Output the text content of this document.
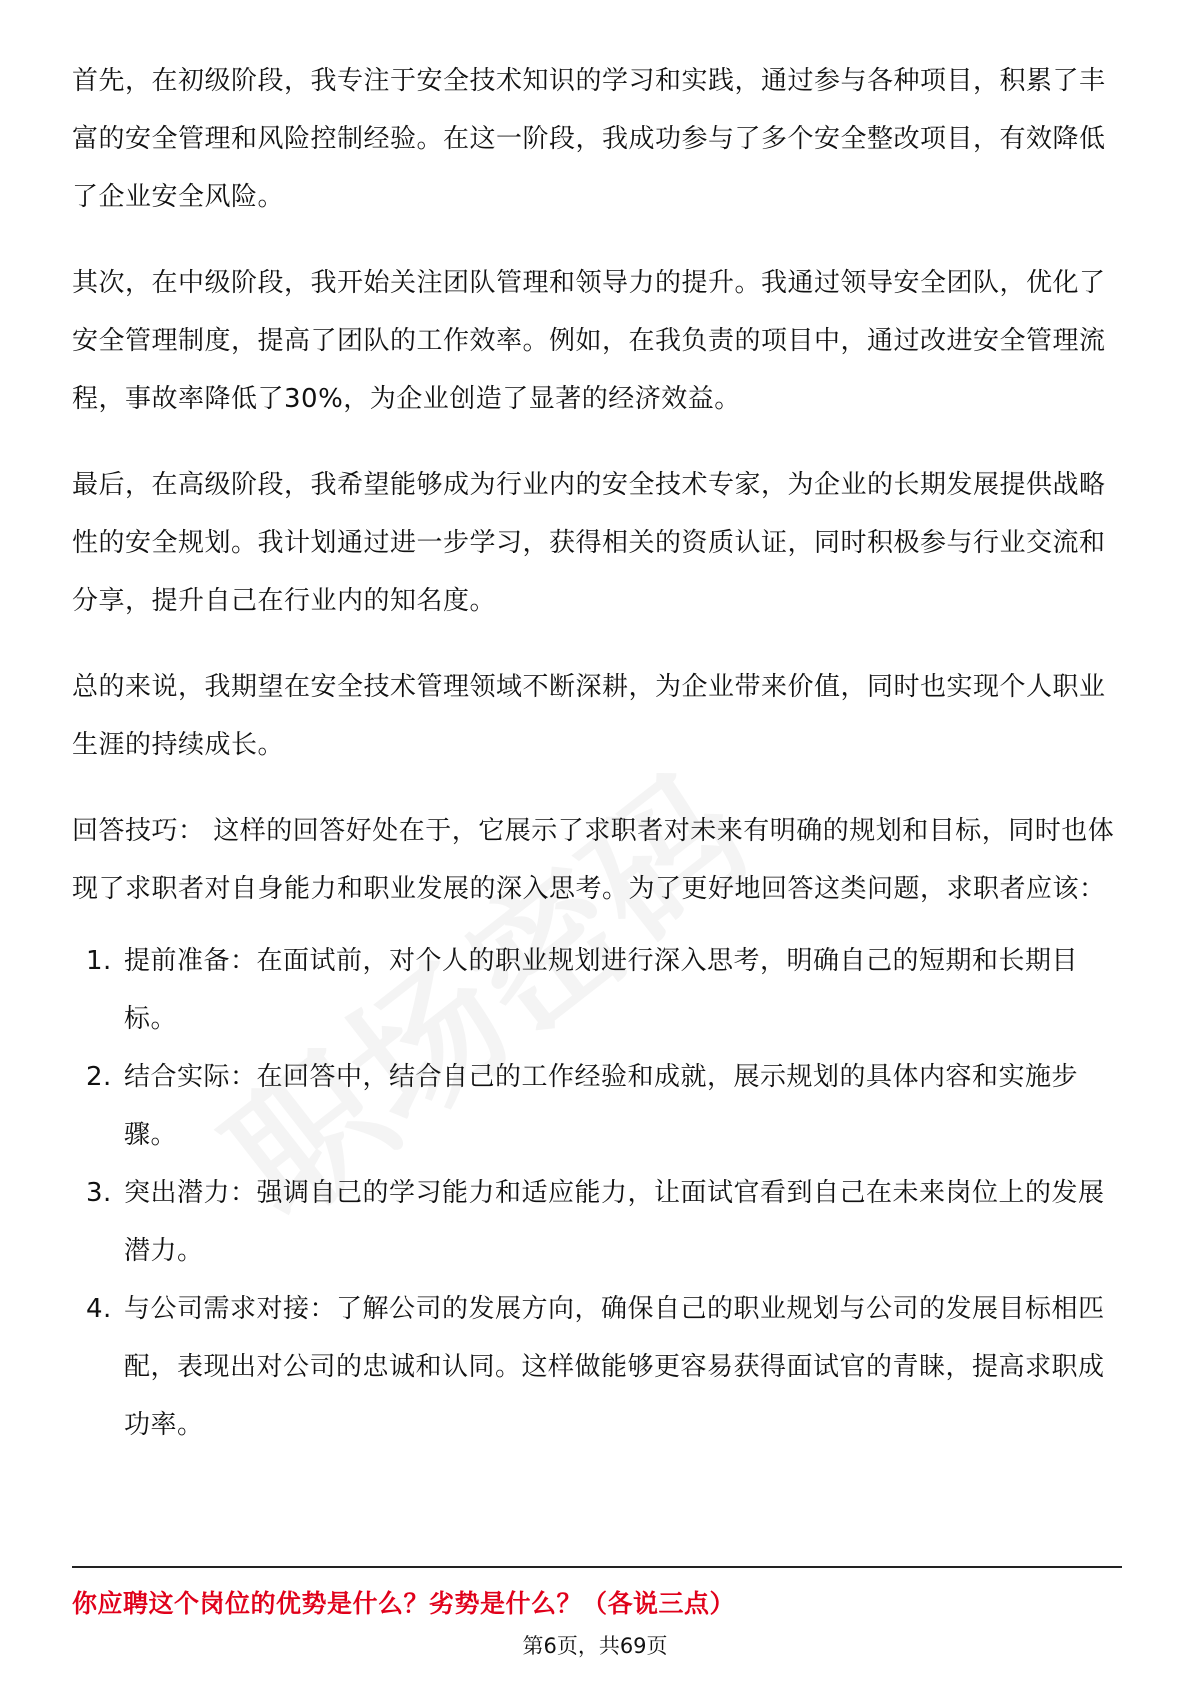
首先，在初级阶段，我专注于安全技术知识的学习和实践，通过参与各种项目，积累了丰富的安全管理和风险控制经验。在这一阶段，我成功参与了多个安全整改项目，有效降低了企业安全风险。

其次，在中级阶段，我开始关注团队管理和领导力的提升。我通过领导安全团队，优化了安全管理制度，提高了团队的工作效率。例如，在我负责的项目中，通过改进安全管理流程，事故率降低了30%，为企业创造了显著的经济效益。

最后，在高级阶段，我希望能够成为行业内的安全技术专家，为企业的长期发展提供战略性的安全规划。我计划通过进一步学习，获得相关的资质认证，同时积极参与行业交流和分享，提升自己在行业内的知名度。

总的来说，我期望在安全技术管理领域不断深耕，为企业带来价值，同时也实现个人职业生涯的持续成长。

回答技巧： 这样的回答好处在于，它展示了求职者对未来有明确的规划和目标，同时也体现了求职者对自身能力和职业发展的深入思考。为了更好地回答这类问题，求职者应该：

1. 提前准备：在面试前，对个人的职业规划进行深入思考，明确自己的短期和长期目标。
2. 结合实际：在回答中，结合自己的工作经验和成就，展示规划的具体内容和实施步骤。
3. 突出潜力：强调自己的学习能力和适应能力，让面试官看到自己在未来岗位上的发展潜力。
4. 与公司需求对接：了解公司的发展方向，确保自己的职业规划与公司的发展目标相匹配，表现出对公司的忠诚和认同。这样做能够更容易获得面试官的青睐，提高求职成功率。
你应聘这个岗位的优势是什么？劣势是什么？（各说三点）
第6页，共69页
